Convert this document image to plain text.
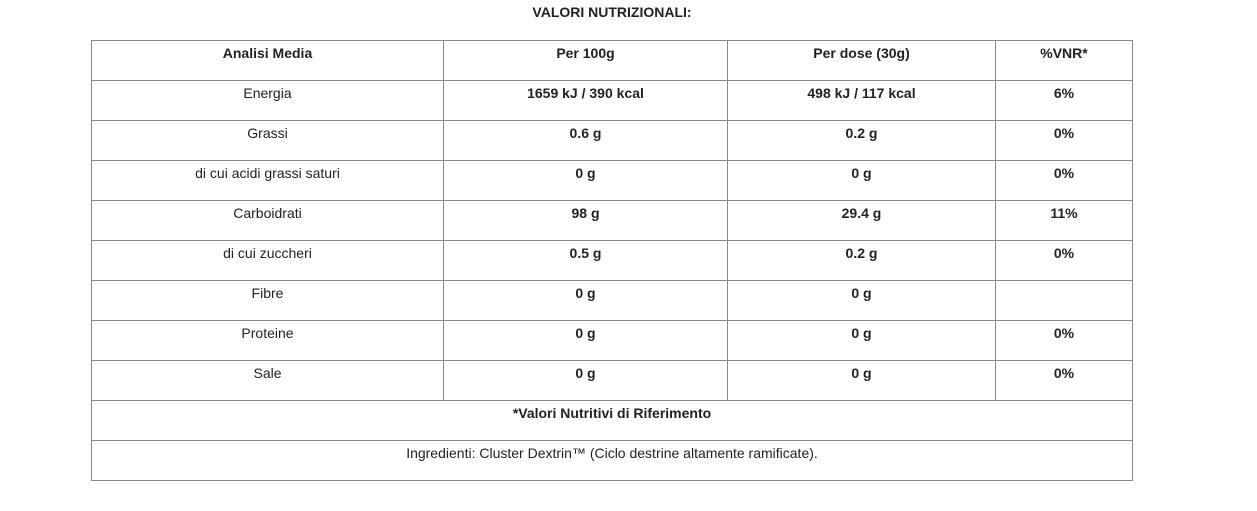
VALORI NUTRIZIONALI:
Analisi Media	Per 100g	Per dose (30g)	%VNR*

Energia	1659 kJ / 390 kcal	498 kJ / 117 kcal	6%

Grassi	0.6 g	0.2 g	0%

di cui acidi grassi saturi	0 g	0 g	0%

Carboidrati	98 g	29.4 g	11%

di cui zuccheri	0.5 g	0.2 g	0%

Fibre	0 g	0 g	

Proteine	0 g	0 g	0%

Sale	0 g	0 g	0%

*Valori Nutritivi di Riferimento			

Ingredienti: Cluster Dextrin™ (Ciclo destrine altamente ramificate).			
